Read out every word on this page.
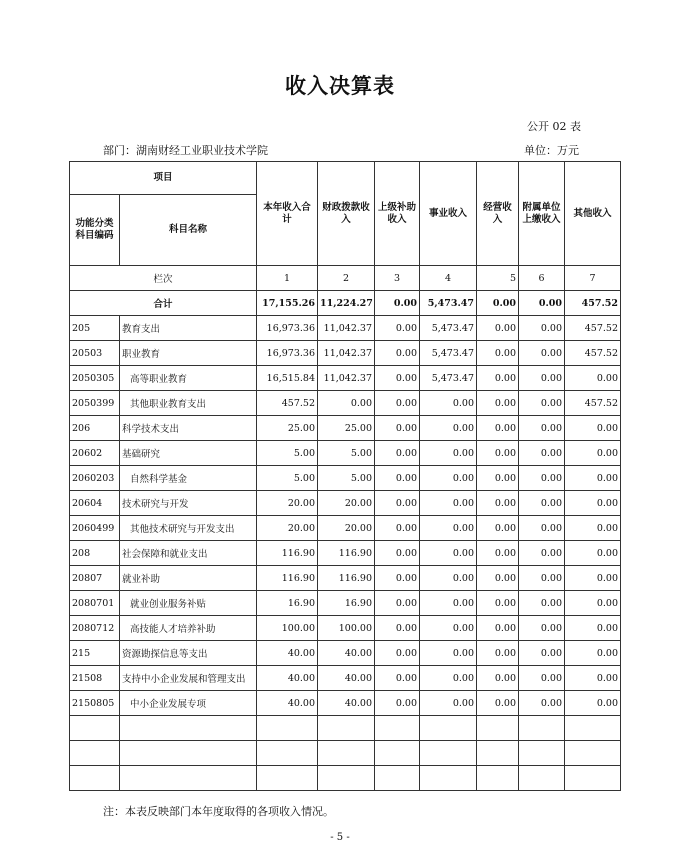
收入决算表
公开 02 表
部门：湖南财经工业职业技术学院	单位：万元
项目		本年收入合计	财政拨款收入	上级补助收入	事业收入	经营收入	附属单位上缴收入	其他收入
功能分类科目编码	科目名称							
栏次		1	2	3	4	5	6	7
合计		17,155.26	11,224.27	0.00	5,473.47	0.00	0.00	457.52
205	教育支出	16,973.36	11,042.37	0.00	5,473.47	0.00	0.00	457.52
20503	职业教育	16,973.36	11,042.37	0.00	5,473.47	0.00	0.00	457.52
2050305	高等职业教育	16,515.84	11,042.37	0.00	5,473.47	0.00	0.00	0.00
2050399	其他职业教育支出	457.52	0.00	0.00	0.00	0.00	0.00	457.52
206	科学技术支出	25.00	25.00	0.00	0.00	0.00	0.00	0.00
20602	基础研究	5.00	5.00	0.00	0.00	0.00	0.00	0.00
2060203	自然科学基金	5.00	5.00	0.00	0.00	0.00	0.00	0.00
20604	技术研究与开发	20.00	20.00	0.00	0.00	0.00	0.00	0.00
2060499	其他技术研究与开发支出	20.00	20.00	0.00	0.00	0.00	0.00	0.00
208	社会保障和就业支出	116.90	116.90	0.00	0.00	0.00	0.00	0.00
20807	就业补助	116.90	116.90	0.00	0.00	0.00	0.00	0.00
2080701	就业创业服务补贴	16.90	16.90	0.00	0.00	0.00	0.00	0.00
2080712	高技能人才培养补助	100.00	100.00	0.00	0.00	0.00	0.00	0.00
215	资源勘探信息等支出	40.00	40.00	0.00	0.00	0.00	0.00	0.00
21508	支持中小企业发展和管理支出	40.00	40.00	0.00	0.00	0.00	0.00	0.00
2150805	中小企业发展专项	40.00	40.00	0.00	0.00	0.00	0.00	0.00

注：本表反映部门本年度取得的各项收入情况。
- 5 -
